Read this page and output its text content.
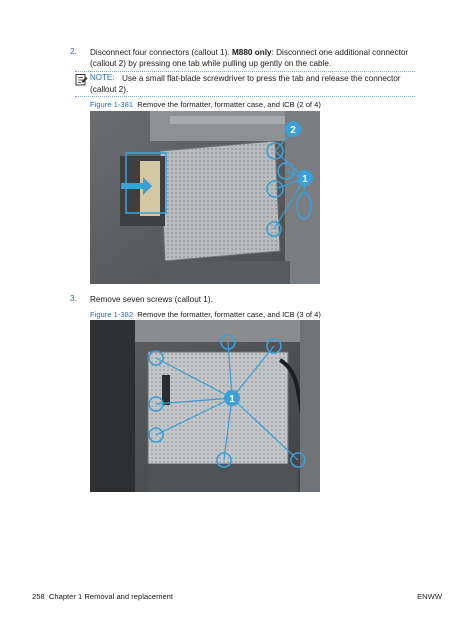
2. Disconnect four connectors (callout 1). M880 only: Disconnect one additional connector (callout 2) by pressing one tab while pulling up gently on the cable.
NOTE: Use a small flat-blade screwdriver to press the tab and release the connector (callout 2).
Figure 1-381 Remove the formatter, formatter case, and ICB (2 of 4)
1
2
3. Remove seven screws (callout 1).
Figure 1-382 Remove the formatter, formatter case, and ICB (3 of 4)
1
258 Chapter 1 Removal and replacement	ENWW
